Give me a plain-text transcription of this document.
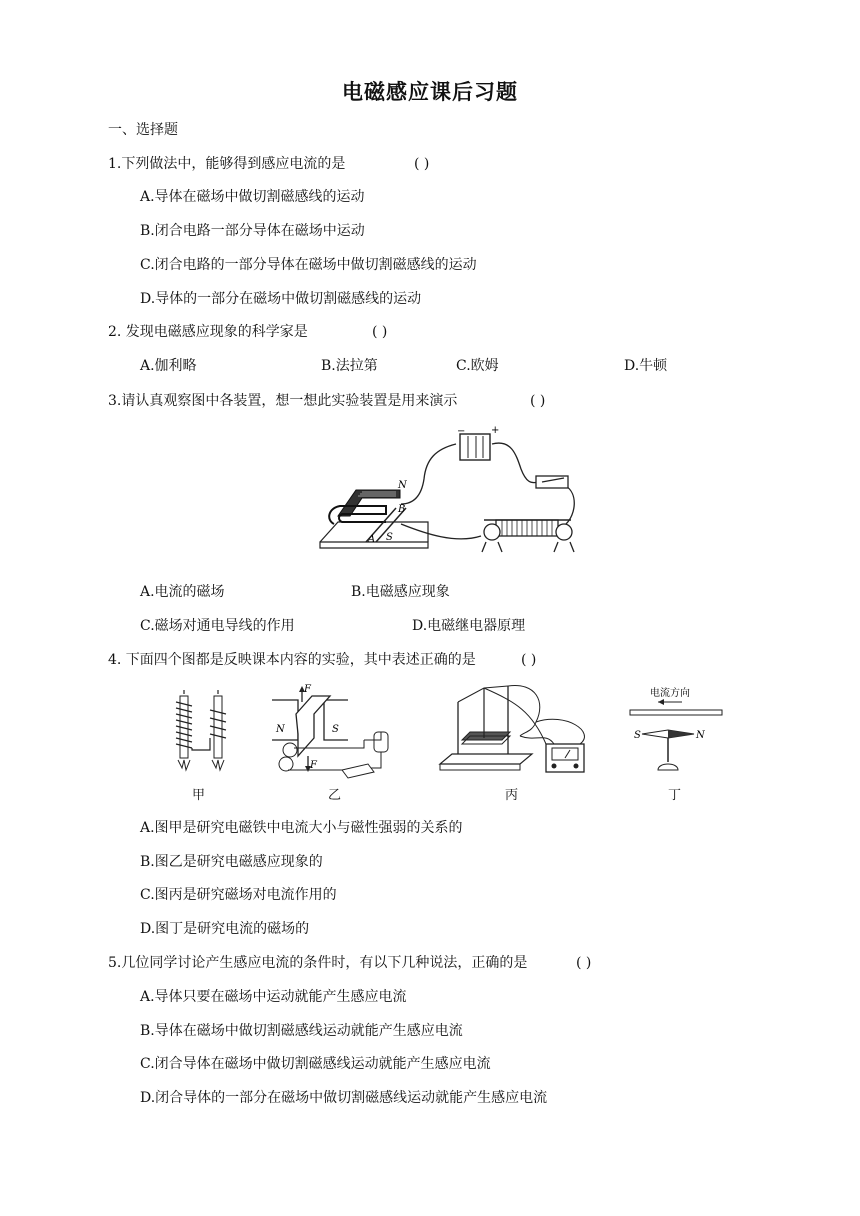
电磁感应课后习题
一、选择题
1.下列做法中，能够得到感应电流的是	( )
A.导体在磁场中做切割磁感线的运动
B.闭合电路一部分导体在磁场中运动
C.闭合电路的一部分导体在磁场中做切割磁感线的运动
D.导体的一部分在磁场中做切割磁感线的运动
2. 发现电磁感应现象的科学家是	( )
A.伽利略	B.法拉第	C.欧姆	D.牛顿
3.请认真观察图中各装置，想一想此实验装置是用来演示	( )
−	+
N
B
S
A
A.电流的磁场	B.电磁感应现象
C.磁场对通电导线的作用	D.电磁继电器原理
4. 下面四个图都是反映课本内容的实验，其中表述正确的是	( )
甲
N	S
F
F
乙	丙
电流方向
S	N
丁
A.图甲是研究电磁铁中电流大小与磁性强弱的关系的
B.图乙是研究电磁感应现象的
C.图丙是研究磁场对电流作用的
D.图丁是研究电流的磁场的
5.几位同学讨论产生感应电流的条件时，有以下几种说法，正确的是	( )
A.导体只要在磁场中运动就能产生感应电流
B.导体在磁场中做切割磁感线运动就能产生感应电流
C.闭合导体在磁场中做切割磁感线运动就能产生感应电流
D.闭合导体的一部分在磁场中做切割磁感线运动就能产生感应电流
